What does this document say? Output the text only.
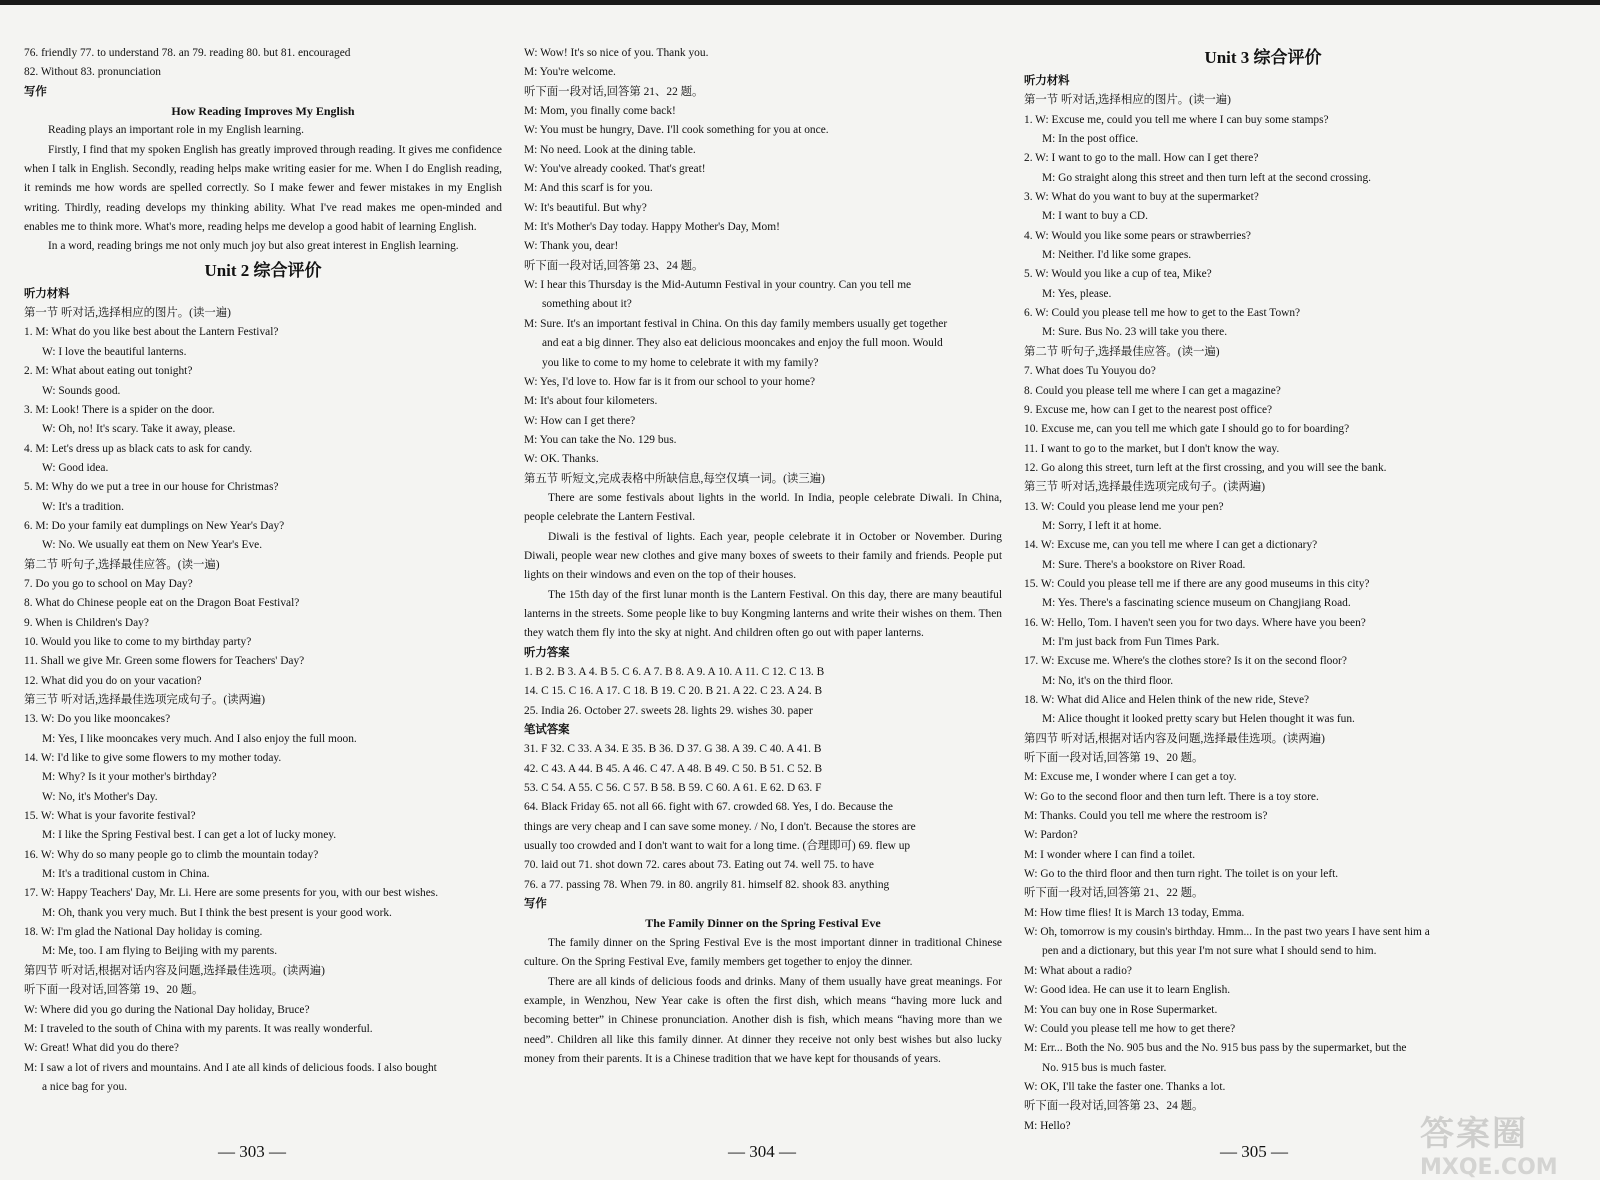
76. friendly 77. to understand 78. an 79. reading 80. but 81. encouraged
82. Without 83. pronunciation
写作
How Reading Improves My English
Reading plays an important role in my English learning.
Firstly, I find that my spoken English has greatly improved through reading. It gives me confidence when I talk in English. Secondly, reading helps make writing easier for me. When I do English reading, it reminds me how words are spelled correctly. So I make fewer and fewer mistakes in my English writing. Thirdly, reading develops my thinking ability. What I've read makes me open-minded and enables me to think more. What's more, reading helps me develop a good habit of learning English.
In a word, reading brings me not only much joy but also great interest in English learning.
Unit 2 综合评价
听力材料
第一节 听对话,选择相应的图片。(读一遍)
1. M: What do you like best about the Lantern Festival?
W: I love the beautiful lanterns.
2. M: What about eating out tonight?
W: Sounds good.
3. M: Look! There is a spider on the door.
W: Oh, no! It's scary. Take it away, please.
4. M: Let's dress up as black cats to ask for candy.
W: Good idea.
5. M: Why do we put a tree in our house for Christmas?
W: It's a tradition.
6. M: Do your family eat dumplings on New Year's Day?
W: No. We usually eat them on New Year's Eve.
第二节 听句子,选择最佳应答。(读一遍)
7. Do you go to school on May Day?
8. What do Chinese people eat on the Dragon Boat Festival?
9. When is Children's Day?
10. Would you like to come to my birthday party?
11. Shall we give Mr. Green some flowers for Teachers' Day?
12. What did you do on your vacation?
第三节 听对话,选择最佳选项完成句子。(读两遍)
13. W: Do you like mooncakes?
M: Yes, I like mooncakes very much. And I also enjoy the full moon.
14. W: I'd like to give some flowers to my mother today.
M: Why? Is it your mother's birthday?
W: No, it's Mother's Day.
15. W: What is your favorite festival?
M: I like the Spring Festival best. I can get a lot of lucky money.
16. W: Why do so many people go to climb the mountain today?
M: It's a traditional custom in China.
17. W: Happy Teachers' Day, Mr. Li. Here are some presents for you, with our best wishes.
M: Oh, thank you very much. But I think the best present is your good work.
18. W: I'm glad the National Day holiday is coming.
M: Me, too. I am flying to Beijing with my parents.
第四节 听对话,根据对话内容及问题,选择最佳选项。(读两遍)
听下面一段对话,回答第 19、20 题。
W: Where did you go during the National Day holiday, Bruce?
M: I traveled to the south of China with my parents. It was really wonderful.
W: Great! What did you do there?
M: I saw a lot of rivers and mountains. And I ate all kinds of delicious foods. I also bought
a nice bag for you.
W: Wow! It's so nice of you. Thank you.
M: You're welcome.
听下面一段对话,回答第 21、22 题。
M: Mom, you finally come back!
W: You must be hungry, Dave. I'll cook something for you at once.
M: No need. Look at the dining table.
W: You've already cooked. That's great!
M: And this scarf is for you.
W: It's beautiful. But why?
M: It's Mother's Day today. Happy Mother's Day, Mom!
W: Thank you, dear!
听下面一段对话,回答第 23、24 题。
W: I hear this Thursday is the Mid-Autumn Festival in your country. Can you tell me
something about it?
M: Sure. It's an important festival in China. On this day family members usually get together
and eat a big dinner. They also eat delicious mooncakes and enjoy the full moon. Would
you like to come to my home to celebrate it with my family?
W: Yes, I'd love to. How far is it from our school to your home?
M: It's about four kilometers.
W: How can I get there?
M: You can take the No. 129 bus.
W: OK. Thanks.
第五节 听短文,完成表格中所缺信息,每空仅填一词。(读三遍)
There are some festivals about lights in the world. In India, people celebrate Diwali. In China, people celebrate the Lantern Festival.
Diwali is the festival of lights. Each year, people celebrate it in October or November. During Diwali, people wear new clothes and give many boxes of sweets to their family and friends. People put lights on their windows and even on the top of their houses.
The 15th day of the first lunar month is the Lantern Festival. On this day, there are many beautiful lanterns in the streets. Some people like to buy Kongming lanterns and write their wishes on them. Then they watch them fly into the sky at night. And children often go out with paper lanterns.
听力答案
1. B 2. B 3. A 4. B 5. C 6. A 7. B 8. A 9. A 10. A 11. C 12. C 13. B
14. C 15. C 16. A 17. C 18. B 19. C 20. B 21. A 22. C 23. A 24. B
25. India 26. October 27. sweets 28. lights 29. wishes 30. paper
笔试答案
31. F 32. C 33. A 34. E 35. B 36. D 37. G 38. A 39. C 40. A 41. B
42. C 43. A 44. B 45. A 46. C 47. A 48. B 49. C 50. B 51. C 52. B
53. C 54. A 55. C 56. C 57. B 58. B 59. C 60. A 61. E 62. D 63. F
64. Black Friday 65. not all 66. fight with 67. crowded 68. Yes, I do. Because the
things are very cheap and I can save some money. / No, I don't. Because the stores are
usually too crowded and I don't want to wait for a long time. (合理即可) 69. flew up
70. laid out 71. shot down 72. cares about 73. Eating out 74. well 75. to have
76. a 77. passing 78. When 79. in 80. angrily 81. himself 82. shook 83. anything
写作
The Family Dinner on the Spring Festival Eve
The family dinner on the Spring Festival Eve is the most important dinner in traditional Chinese culture. On the Spring Festival Eve, family members get together to enjoy the dinner.
There are all kinds of delicious foods and drinks. Many of them usually have great meanings. For example, in Wenzhou, New Year cake is often the first dish, which means “having more luck and becoming better” in Chinese pronunciation. Another dish is fish, which means “having more than we need”. Children all like this family dinner. At dinner they receive not only best wishes but also lucky money from their parents. It is a Chinese tradition that we have kept for thousands of years.
Unit 3 综合评价
听力材料
第一节 听对话,选择相应的图片。(读一遍)
1. W: Excuse me, could you tell me where I can buy some stamps?
M: In the post office.
2. W: I want to go to the mall. How can I get there?
M: Go straight along this street and then turn left at the second crossing.
3. W: What do you want to buy at the supermarket?
M: I want to buy a CD.
4. W: Would you like some pears or strawberries?
M: Neither. I'd like some grapes.
5. W: Would you like a cup of tea, Mike?
M: Yes, please.
6. W: Could you please tell me how to get to the East Town?
M: Sure. Bus No. 23 will take you there.
第二节 听句子,选择最佳应答。(读一遍)
7. What does Tu Youyou do?
8. Could you please tell me where I can get a magazine?
9. Excuse me, how can I get to the nearest post office?
10. Excuse me, can you tell me which gate I should go to for boarding?
11. I want to go to the market, but I don't know the way.
12. Go along this street, turn left at the first crossing, and you will see the bank.
第三节 听对话,选择最佳选项完成句子。(读两遍)
13. W: Could you please lend me your pen?
M: Sorry, I left it at home.
14. W: Excuse me, can you tell me where I can get a dictionary?
M: Sure. There's a bookstore on River Road.
15. W: Could you please tell me if there are any good museums in this city?
M: Yes. There's a fascinating science museum on Changjiang Road.
16. W: Hello, Tom. I haven't seen you for two days. Where have you been?
M: I'm just back from Fun Times Park.
17. W: Excuse me. Where's the clothes store? Is it on the second floor?
M: No, it's on the third floor.
18. W: What did Alice and Helen think of the new ride, Steve?
M: Alice thought it looked pretty scary but Helen thought it was fun.
第四节 听对话,根据对话内容及问题,选择最佳选项。(读两遍)
听下面一段对话,回答第 19、20 题。
M: Excuse me, I wonder where I can get a toy.
W: Go to the second floor and then turn left. There is a toy store.
M: Thanks. Could you tell me where the restroom is?
W: Pardon?
M: I wonder where I can find a toilet.
W: Go to the third floor and then turn right. The toilet is on your left.
听下面一段对话,回答第 21、22 题。
M: How time flies! It is March 13 today, Emma.
W: Oh, tomorrow is my cousin's birthday. Hmm... In the past two years I have sent him a
pen and a dictionary, but this year I'm not sure what I should send to him.
M: What about a radio?
W: Good idea. He can use it to learn English.
M: You can buy one in Rose Supermarket.
W: Could you please tell me how to get there?
M: Err... Both the No. 905 bus and the No. 915 bus pass by the supermarket, but the
No. 915 bus is much faster.
W: OK, I'll take the faster one. Thanks a lot.
听下面一段对话,回答第 23、24 题。
M: Hello?
— 303 —	— 304 —	— 305 —	答案圈
MXQE.COM
